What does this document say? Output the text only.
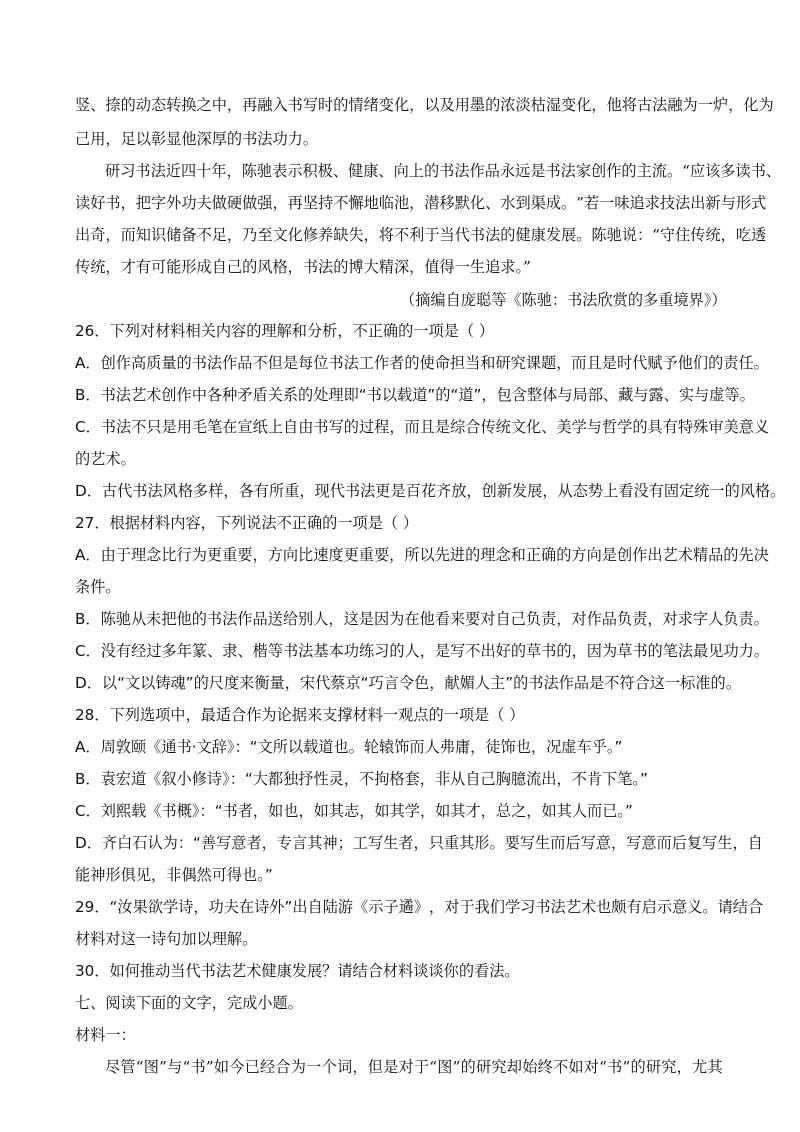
竖 、 捺 的 动 态 转 换 之 中 ， 再 融 入 书 写 时 的 情 绪 变 化 ， 以 及 用 墨 的 浓 淡 枯 湿 变 化 ， 他 将 古 法 融 为 一 炉 ， 化 为
己用，足以彰显他深厚的书法功力。
研 习 书 法 近 四 十 年 ， 陈 驰 表 示 积 极 、 健 康 、 向 上 的 书 法 作 品 永 远 是 书 法 家 创 作 的 主 流 。 “ 应 该 多 读 书 、
读 好 书 ， 把 字 外 功 夫 做 硬 做 强 ， 再 坚 持 不 懈 地 临 池 ， 潜 移 默 化 、 水 到 渠 成 。 ” 若 一 味 追 求 技 法 出 新 与 形 式
出 奇 ， 而 知 识 储 备 不 足 ， 乃 至 文 化 修 养 缺 失 ， 将 不 利 于 当 代 书 法 的 健 康 发 展 。 陈 驰 说 ： “ 守 住 传 统 ， 吃 透
传统，才有可能形成自己的风格，书法的博大精深，值得一生追求。”
（摘编自庞聪等《陈驰：书法欣赏的多重境界》）
26．下列对材料相关内容的理解和分析，不正确的一项是（ ）
A ． 创 作 高 质 量 的 书 法 作 品 不 但 是 每 位 书 法 工 作 者 的 使 命 担 当 和 研 究 课 题 ， 而 且 是 时 代 赋 予 他 们 的 责 任 。
B ． 书 法 艺 术 创 作 中 各 种 矛 盾 关 系 的 处 理 即 “ 书 以 载 道 ” 的 “ 道 ” ， 包 含 整 体 与 局 部 、 藏 与 露 、 实 与 虚 等 。
C ． 书 法 不 只 是 用 毛 笔 在 宣 纸 上 自 由 书 写 的 过 程 ， 而 且 是 综 合 传 统 文 化 、 美 学 与 哲 学 的 具 有 特 殊 审 美 意 义
的艺术。
D ． 古 代 书 法 风 格 多 样 ， 各 有 所 重 ， 现 代 书 法 更 是 百 花 齐 放 ， 创 新 发 展 ， 从 态 势 上 看 没 有 固 定 统 一 的 风 格 。
27．根据材料内容，下列说法不正确的一项是（ ）
A ． 由 于 理 念 比 行 为 更 重 要 ， 方 向 比 速 度 更 重 要 ， 所 以 先 进 的 理 念 和 正 确 的 方 向 是 创 作 出 艺 术 精 品 的 先 决
条件。
B ． 陈 驰 从 未 把 他 的 书 法 作 品 送 给 别 人 ， 这 是 因 为 在 他 看 来 要 对 自 己 负 责 ， 对 作 品 负 责 ， 对 求 字 人 负 责 。
C ． 没 有 经 过 多 年 篆 、 隶 、 楷 等 书 法 基 本 功 练 习 的 人 ， 是 写 不 出 好 的 草 书 的 ， 因 为 草 书 的 笔 法 最 见 功 力 。
D ． 以 “ 文 以 铸 魂 ” 的 尺 度 来 衡 量 ， 宋 代 蔡 京 “ 巧 言 令 色 ， 献 媚 人 主 ” 的 书 法 作 品 是 不 符 合 这 一 标 准 的 。
28．下列选项中，最适合作为论据来支撑材料一观点的一项是（ ）
A．周敦颐《通书·文辞》：“文所以载道也。轮辕饰而人弗庸，徒饰也，况虚车乎。”
B．袁宏道《叙小修诗》：“大都独抒性灵，不拘格套，非从自己胸臆流出，不肯下笔。”
C．刘熙载《书概》：“书者，如也，如其志，如其学，如其才，总之，如其人而已。”
D ． 齐 白 石 认 为 ： “ 善 写 意 者 ， 专 言 其 神 ； 工 写 生 者 ， 只 重 其 形 。 要 写 生 而 后 写 意 ， 写 意 而 后 复 写 生 ， 自
能神形俱见，非偶然可得也。”
2 9 ． “ 汝 果 欲 学 诗 ， 功 夫 在 诗 外 ” 出 自 陆 游 《 示 子 遹 》 ， 对 于 我 们 学 习 书 法 艺 术 也 颇 有 启 示 意 义 。 请 结 合
材料对这一诗句加以理解。
30．如何推动当代书法艺术健康发展？请结合材料谈谈你的看法。
七、阅读下面的文字，完成小题。
材料一：
尽 管 “ 图 ” 与 “ 书 ” 如 今 已 经 合 为 一 个 词 ， 但 是 对 于 “ 图 ” 的 研 究 却 始 终 不 如 对 “ 书 ” 的 研 究 ， 尤 其
